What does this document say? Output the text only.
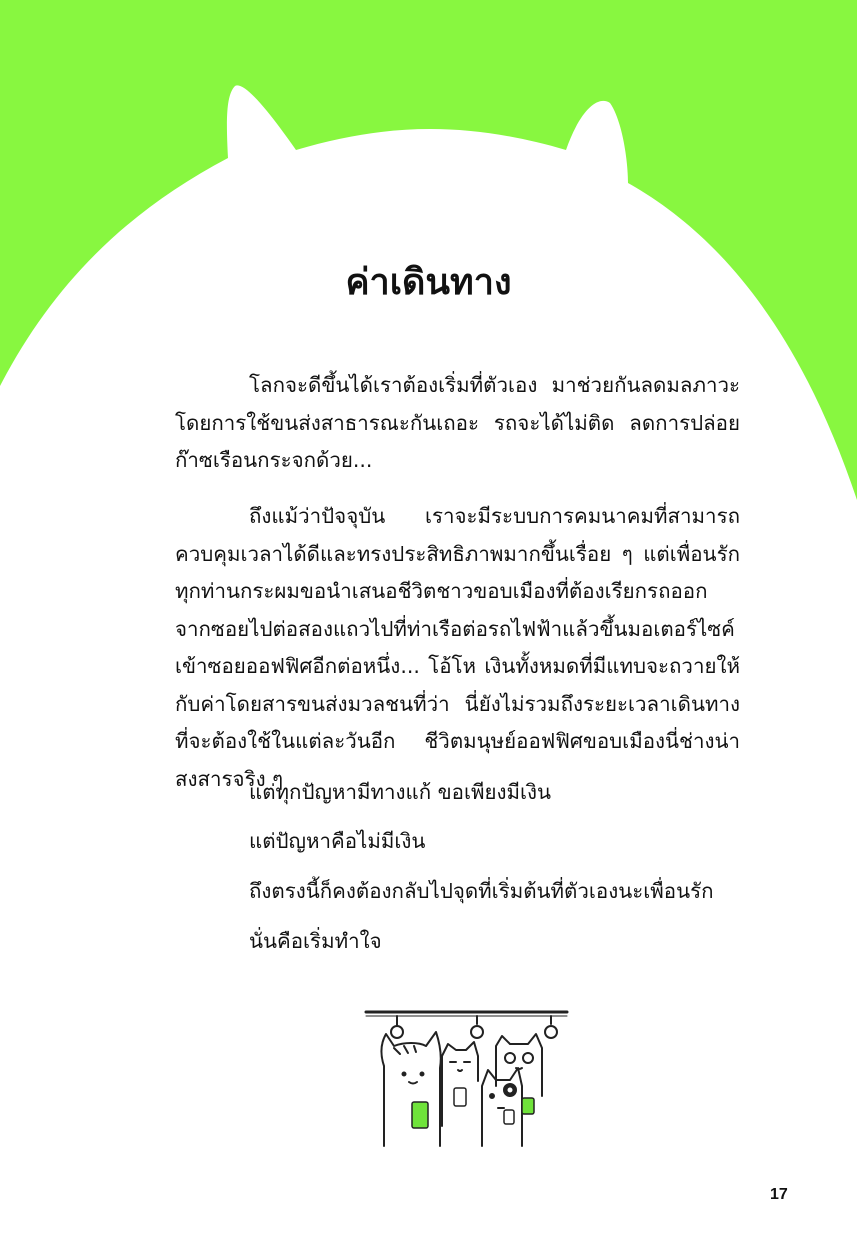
ค่าเดินทาง

โลกจะดีขึ้นได้เราต้องเริ่มที่ตัวเอง มาช่วยกันลดมลภาวะโดยการใช้ขนส่งสาธารณะกันเถอะ รถจะได้ไม่ติด ลดการปล่อยก๊าซเรือนกระจกด้วย...

ถึงแม้ว่าปัจจุบัน เราจะมีระบบการคมนาคมที่สามารถควบคุมเวลาได้ดีและทรงประสิทธิภาพมากขึ้นเรื่อย ๆ แต่เพื่อนรักทุกท่านกระผมขอนำเสนอชีวิตชาวขอบเมืองที่ต้องเรียกรถออกจากซอยไปต่อสองแถวไปที่ท่าเรือต่อรถไฟฟ้าแล้วขึ้นมอเตอร์ไซค์เข้าซอยออฟฟิศอีกต่อหนึ่ง... โอ้โห เงินทั้งหมดที่มีแทบจะถวายให้กับค่าโดยสารขนส่งมวลชนที่ว่า นี่ยังไม่รวมถึงระยะเวลาเดินทางที่จะต้องใช้ในแต่ละวันอีก ชีวิตมนุษย์ออฟฟิศขอบเมืองนี่ช่างน่าสงสารจริง ๆ

แต่ทุกปัญหามีทางแก้ ขอเพียงมีเงิน
แต่ปัญหาคือไม่มีเงิน
ถึงตรงนี้ก็คงต้องกลับไปจุดที่เริ่มต้นที่ตัวเองนะเพื่อนรัก
นั่นคือเริ่มทำใจ
17
